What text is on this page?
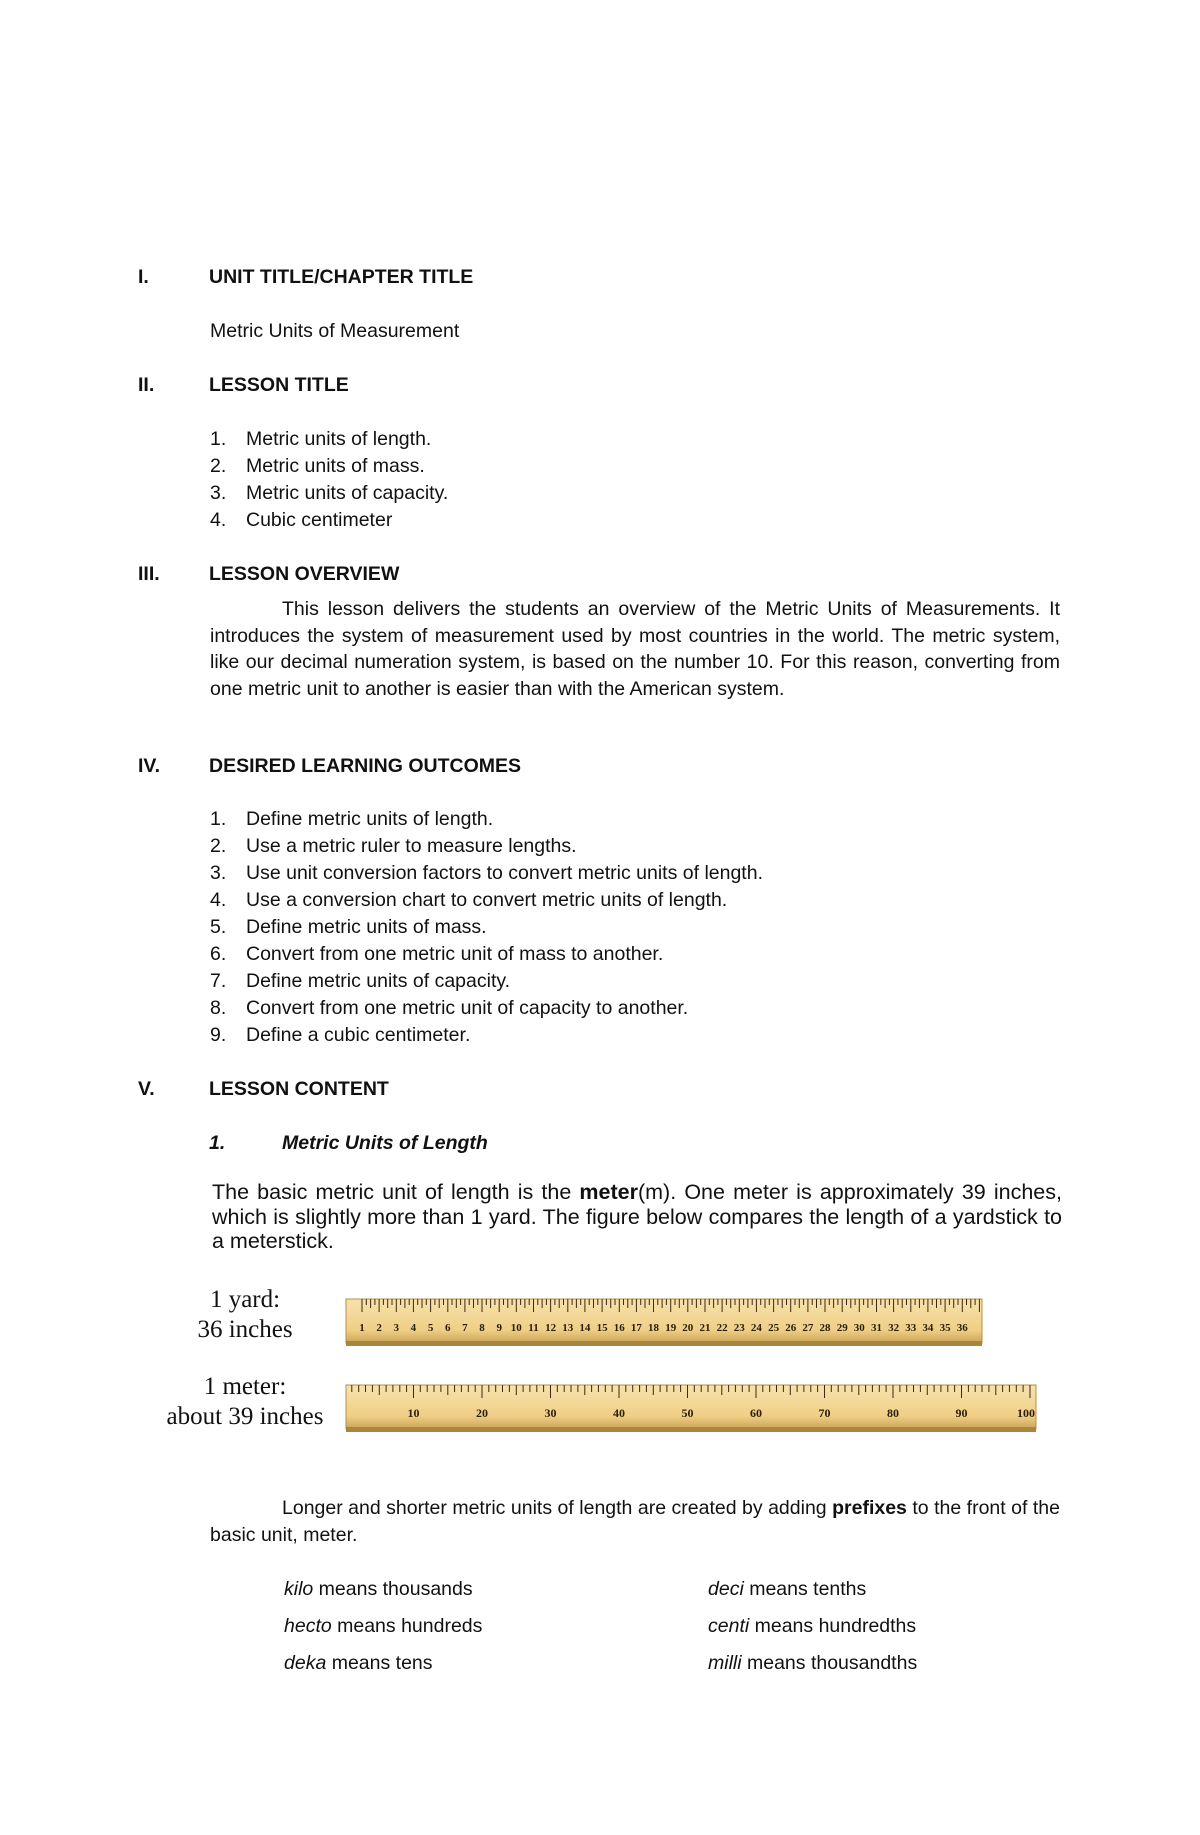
I.	UNIT TITLE/CHAPTER TITLE
Metric Units of Measurement
II.	LESSON TITLE
1. Metric units of length.
2. Metric units of mass.
3. Metric units of capacity.
4. Cubic centimeter
III.	LESSON OVERVIEW

This lesson delivers the students an overview of the Metric Units of Measurements. It introduces the system of measurement used by most countries in the world. The metric system, like our decimal numeration system, is based on the number 10. For this reason, converting from one metric unit to another is easier than with the American system.

IV.	DESIRED LEARNING OUTCOMES
1. Define metric units of length.
2. Use a metric ruler to measure lengths.
3. Use unit conversion factors to convert metric units of length.
4. Use a conversion chart to convert metric units of length.
5. Define metric units of mass.
6. Convert from one metric unit of mass to another.
7. Define metric units of capacity.
8. Convert from one metric unit of capacity to another.
9. Define a cubic centimeter.
V.	LESSON CONTENT
1.	Metric Units of Length

The basic metric unit of length is the meter(m). One meter is approximately 39 inches, which is slightly more than 1 yard. The figure below compares the length of a yardstick to a meterstick.

1 yard:
36 inches
1 meter:
about 39 inches
1 2 3 4 5 6 7 8 9 10 11 12 13 14 15 16 17 18 19 20 21 22 23 24 25 26 27 28 29 30 31 32 33 34 35 36
10	20	30	40	50	60	70	80	90	100

Longer and shorter metric units of length are created by adding prefixes to the front of the basic unit, meter.

kilo means thousands
hecto means hundreds
deka means tens
deci means tenths
centi means hundredths
milli means thousandths
